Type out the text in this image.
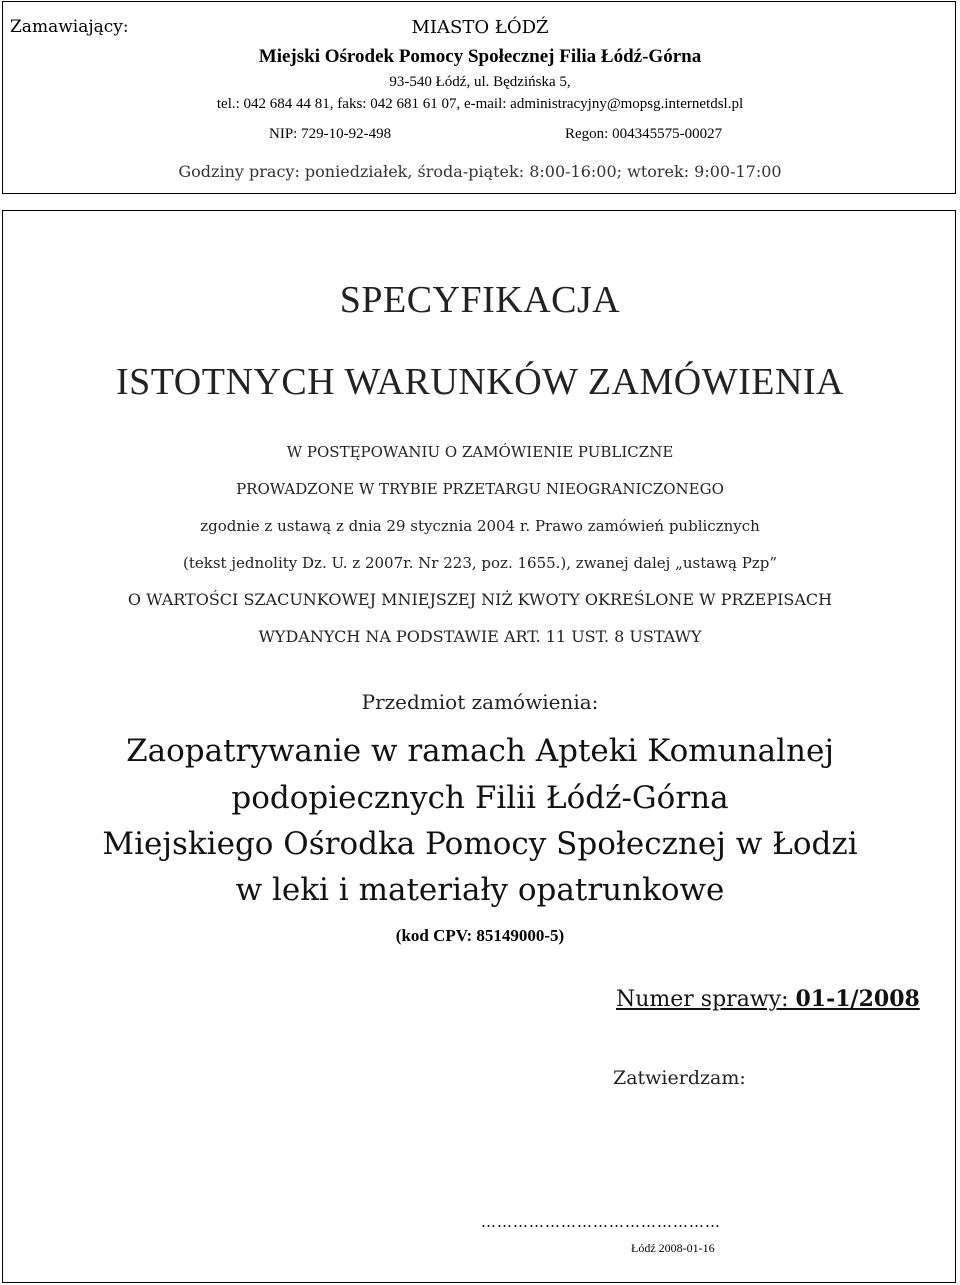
Zamawiający:	MIASTO ŁÓDŹ
Miejski Ośrodek Pomocy Społecznej Filia Łódź-Górna
93-540 Łódź, ul. Będzińska 5,
tel.: 042 684 44 81, faks: 042 681 61 07, e-mail: administracyjny@mopsg.internetdsl.pl
NIP: 729-10-92-498	Regon: 004345575-00027
Godziny pracy: poniedziałek, środa-piątek: 8:00-16:00; wtorek: 9:00-17:00
SPECYFIKACJA
ISTOTNYCH WARUNKÓW ZAMÓWIENIA
W POSTĘPOWANIU O ZAMÓWIENIE PUBLICZNE
PROWADZONE W TRYBIE PRZETARGU NIEOGRANICZONEGO
zgodnie z ustawą z dnia 29 stycznia 2004 r. Prawo zamówień publicznych
(tekst jednolity Dz. U. z 2007r. Nr 223, poz. 1655.), zwanej dalej „ustawą Pzp”
O WARTOŚCI SZACUNKOWEJ MNIEJSZEJ NIŻ KWOTY OKREŚLONE W PRZEPISACH
WYDANYCH NA PODSTAWIE ART. 11 UST. 8 USTAWY
Przedmiot zamówienia:
Zaopatrywanie w ramach Apteki Komunalnej
podopiecznych Filii Łódź-Górna
Miejskiego Ośrodka Pomocy Społecznej w Łodzi
w leki i materiały opatrunkowe
(kod CPV: 85149000-5)
Numer sprawy: 01-1/2008
Zatwierdzam:
………………………………………
Łódź 2008-01-16
